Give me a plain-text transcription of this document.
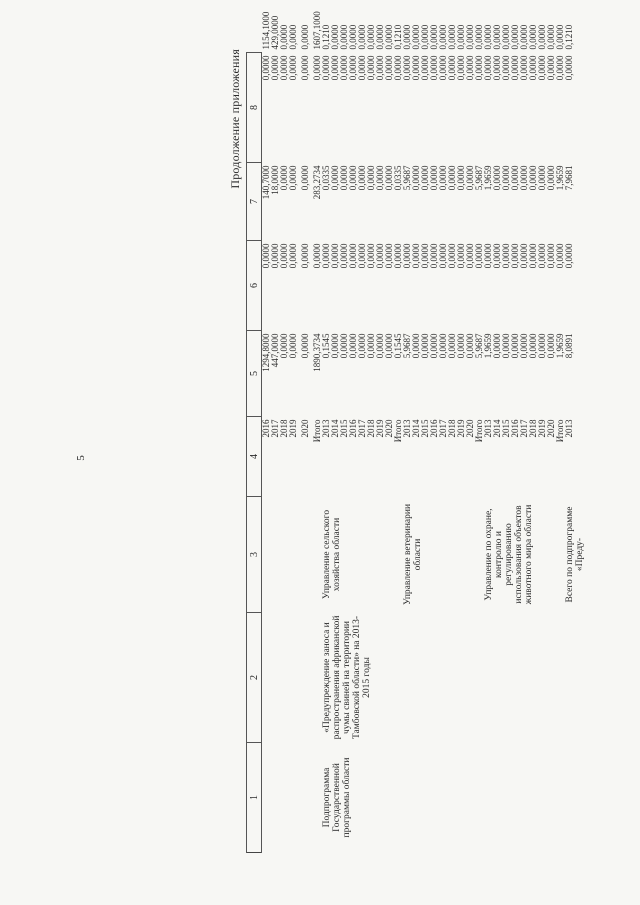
5
Продолжение приложения
1	2	3	4	5	6	7	8	
			2016	1294,8000	0,0000	140,7000	0,0000	1154,1000
			2017	447,0000	0,0000	18,0000	0,0000	429,0000
			2018	0,0000	0,0000	0,0000	0,0000	0,0000
			2019	0,0000	0,0000	0,0000	0,0000	0,0000
			2020	0,0000	0,0000	0,0000	0,0000	0,0000
			Итого	1890,3734	0,0000	283,2734	0,0000	1607,1000
Подпрограмма Государственной программы области	«Предупреждение заноса и распространения африканской чумы свиней на территории Тамбовской области» на 2013-2015 годы	Управление сельского хозяйства области	2013	0,1545	0,0000	0,0335	0,0000	0,1210
			2014	0,0000	0,0000	0,0000	0,0000	0,0000
			2015	0,0000	0,0000	0,0000	0,0000	0,0000
			2016	0,0000	0,0000	0,0000	0,0000	0,0000
			2017	0,0000	0,0000	0,0000	0,0000	0,0000
			2018	0,0000	0,0000	0,0000	0,0000	0,0000
			2019	0,0000	0,0000	0,0000	0,0000	0,0000
			2020	0,0000	0,0000	0,0000	0,0000	0,0000
			Итого	0,1545	0,0000	0,0335	0,0000	0,1210
		Управление ветеринарии области	2013	5,9687	0,0000	5,9687	0,0000	0,0000
			2014	0,0000	0,0000	0,0000	0,0000	0,0000
			2015	0,0000	0,0000	0,0000	0,0000	0,0000
			2016	0,0000	0,0000	0,0000	0,0000	0,0000
			2017	0,0000	0,0000	0,0000	0,0000	0,0000
			2018	0,0000	0,0000	0,0000	0,0000	0,0000
			2019	0,0000	0,0000	0,0000	0,0000	0,0000
			2020	0,0000	0,0000	0,0000	0,0000	0,0000
			Итого	5,9687	0,0000	5,9687	0,0000	0,0000
		Управление по охране, контролю и регулированию использования объектов животного мира области	2013	1,9659	0,0000	1,9659	0,0000	0,0000
			2014	0,0000	0,0000	0,0000	0,0000	0,0000
			2015	0,0000	0,0000	0,0000	0,0000	0,0000
			2016	0,0000	0,0000	0,0000	0,0000	0,0000
			2017	0,0000	0,0000	0,0000	0,0000	0,0000
			2018	0,0000	0,0000	0,0000	0,0000	0,0000
			2019	0,0000	0,0000	0,0000	0,0000	0,0000
			2020	0,0000	0,0000	0,0000	0,0000	0,0000
			Итого	1,9659	0,0000	1,9659	0,0000	0,0000
		Всего по подпрограмме «Преду-	2013	8,0891	0,0000	7,9681	0,0000	0,1210
